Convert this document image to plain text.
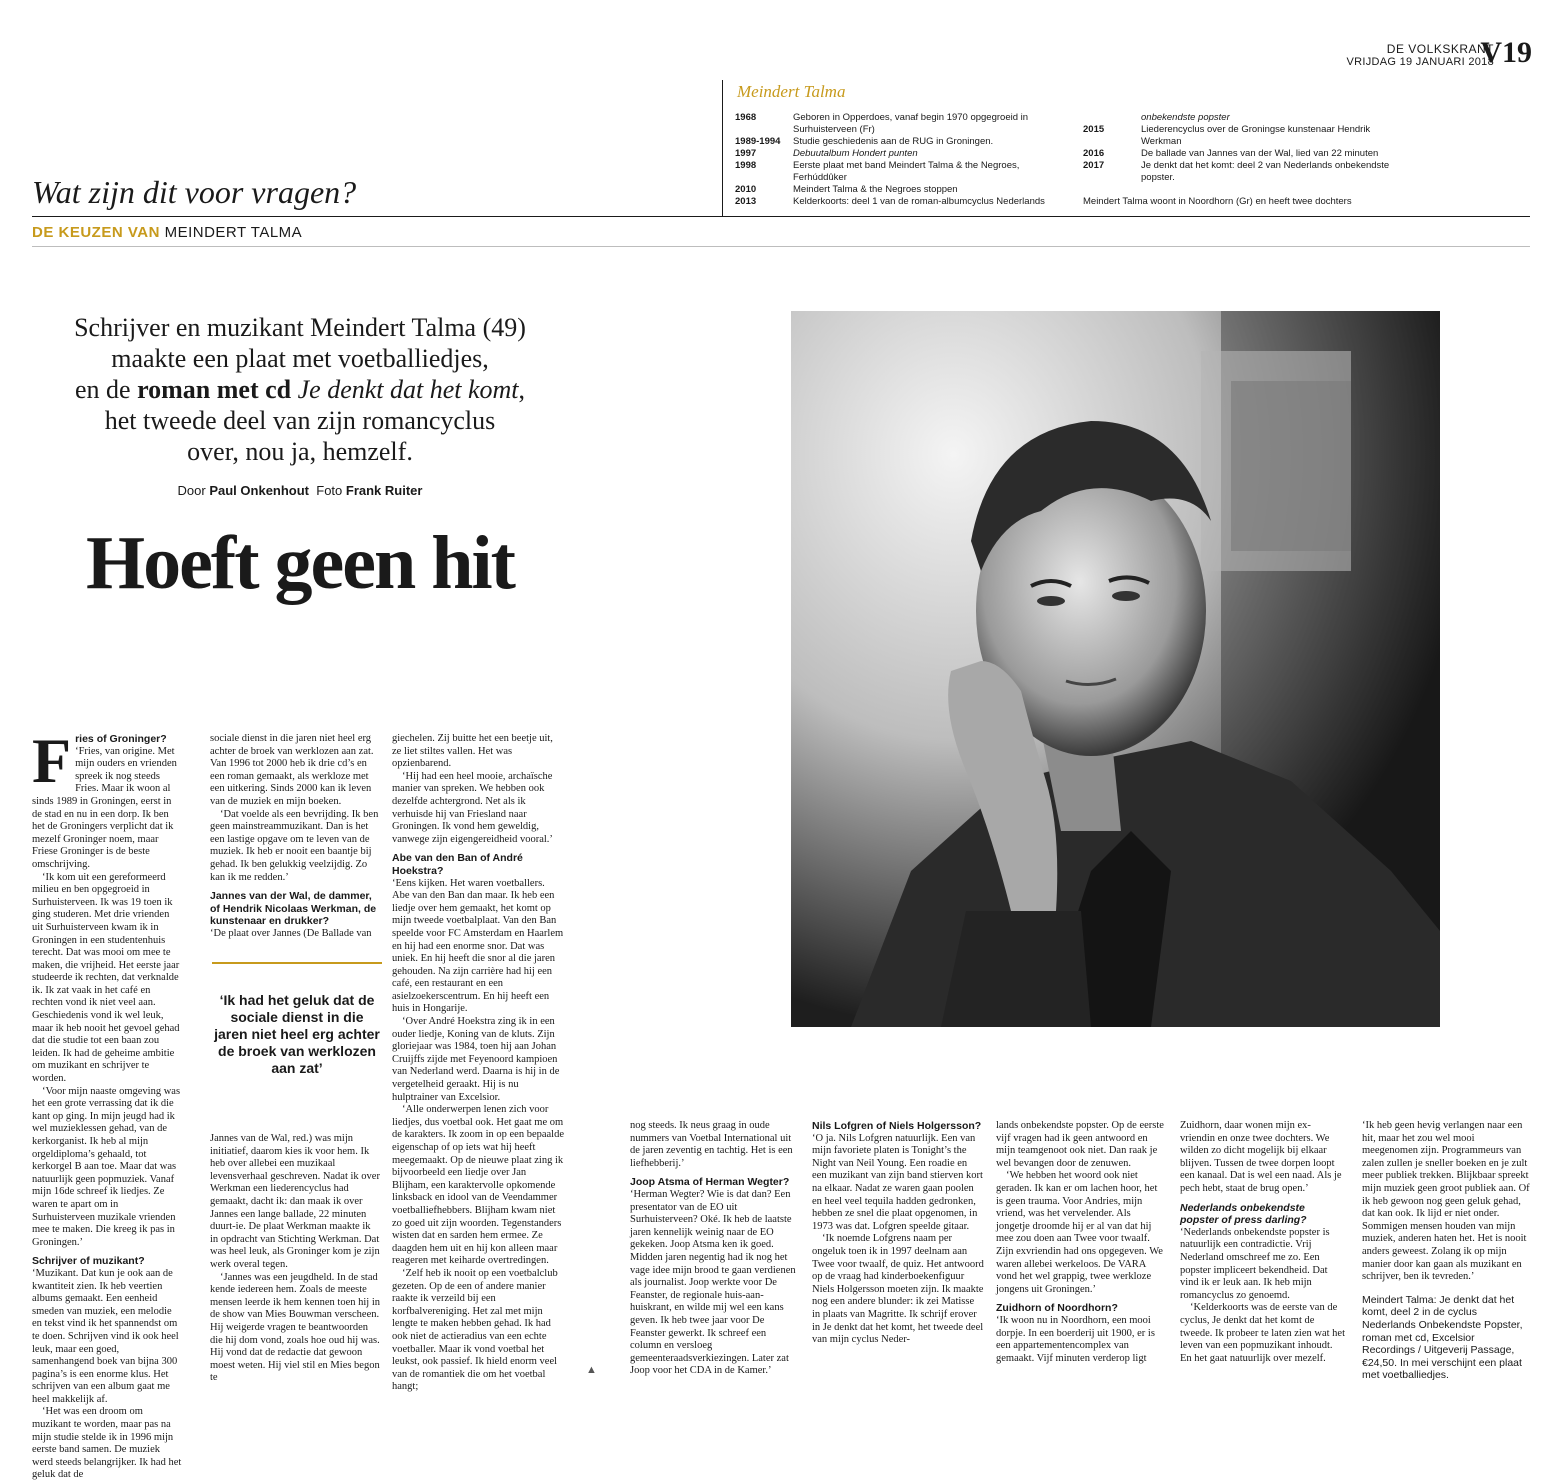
DE VOLKSKRANT
VRIJDAG 19 JANUARI 2018
V19
Meindert Talma
1968	Geboren in Opperdoes, vanaf begin 1970 opgegroeid in Surhuisterveen (Fr)
1989-1994 Studie geschiedenis aan de RUG in Groningen.
1997	Debuutalbum Hondert punten
1998	Eerste plaat met band Meindert Talma & the Negroes, Ferhúddûker
2010	Meindert Talma & the Negroes stoppen
2013	Kelderkoorts: deel 1 van de roman-albumcyclus Nederlands
onbekendste popster
2015	Liederencyclus over de Groningse kunstenaar Hendrik Werkman
2016	De ballade van Jannes van der Wal, lied van 22 minuten
2017	Je denkt dat het komt: deel 2 van Nederlands onbekendste popster.
Meindert Talma woont in Noordhorn (Gr) en heeft twee dochters
Wat zijn dit voor vragen?
DE KEUZEN VAN MEINDERT TALMA
Schrijver en muzikant Meindert Talma (49)
maakte een plaat met voetballiedjes,
en de roman met cd Je denkt dat het komt,
het tweede deel van zijn romancyclus
over, nou ja, hemzelf.
Door Paul Onkenhout Foto Frank Ruiter
Hoeft geen hit
F ries of Groninger?

‘Fries, van origine. Met mijn ouders en vrienden spreek ik nog steeds Fries. Maar ik woon al sinds 1989 in Groningen, eerst in de stad en nu in een dorp. Ik ben het de Groningers verplicht dat ik mezelf Groninger noem, maar Friese Groninger is de beste omschrijving.

‘Ik kom uit een gereformeerd milieu en ben opgegroeid in Surhuisterveen. Ik was 19 toen ik ging studeren. Met drie vrienden uit Surhuisterveen kwam ik in Groningen in een studentenhuis terecht. Dat was mooi om mee te maken, die vrijheid. Het eerste jaar studeerde ik rechten, dat verknalde ik. Ik zat vaak in het café en rechten vond ik niet veel aan. Geschiedenis vond ik wel leuk, maar ik heb nooit het gevoel gehad dat die studie tot een baan zou leiden. Ik had de geheime ambitie om muzikant en schrijver te worden.

‘Voor mijn naaste omgeving was het een grote verrassing dat ik die kant op ging. In mijn jeugd had ik wel muzieklessen gehad, van de kerkorganist. Ik heb al mijn orgeldiploma’s gehaald, tot kerkorgel B aan toe. Maar dat was natuurlijk geen popmuziek. Vanaf mijn 16de schreef ik liedjes. Ze waren te apart om in Surhuisterveen muzikale vrienden mee te maken. Die kreeg ik pas in Groningen.’

Schrijver of muzikant?

‘Muzikant. Dat kun je ook aan de kwantiteit zien. Ik heb veertien albums gemaakt. Een eenheid smeden van muziek, een melodie en tekst vind ik het spannendst om te doen. Schrijven vind ik ook heel leuk, maar een goed, samenhangend boek van bijna 300 pagina’s is een enorme klus. Het schrijven van een album gaat me heel makkelijk af.

‘Het was een droom om muzikant te worden, maar pas na mijn studie stelde ik in 1996 mijn eerste band samen. De muziek werd steeds belangrijker. Ik had het geluk dat de

sociale dienst in die jaren niet heel erg achter de broek van werklozen aan zat. Van 1996 tot 2000 heb ik drie cd’s en een roman gemaakt, als werkloze met een uitkering. Sinds 2000 kan ik leven van de muziek en mijn boeken.

‘Dat voelde als een bevrijding. Ik ben geen mainstreammuzikant. Dan is het een lastige opgave om te leven van de muziek. Ik heb er nooit een baantje bij gehad. Ik ben gelukkig veelzijdig. Zo kan ik me redden.’

Jannes van der Wal, de dammer, of Hendrik Nicolaas Werkman, de kunstenaar en drukker?

‘De plaat over Jannes (De Ballade van

‘Ik had het geluk dat de sociale dienst in die jaren niet heel erg achter de broek van werklozen aan zat’

Jannes van de Wal, red.) was mijn initiatief, daarom kies ik voor hem. Ik heb over allebei een muzikaal levensverhaal geschreven. Nadat ik over Werkman een liederencyclus had gemaakt, dacht ik: dan maak ik over Jannes een lange ballade, 22 minuten duurt-ie. De plaat Werkman maakte ik in opdracht van Stichting Werkman. Dat was heel leuk, als Groninger kom je zijn werk overal tegen.

‘Jannes was een jeugdheld. In de stad kende iedereen hem. Zoals de meeste mensen leerde ik hem kennen toen hij in de show van Mies Bouwman verscheen. Hij weigerde vragen te beantwoorden die hij dom vond, zoals hoe oud hij was. Hij vond dat de redactie dat gewoon moest weten. Hij viel stil en Mies begon te

giechelen. Zij buitte het een beetje uit, ze liet stiltes vallen. Het was opzienbarend.

‘Hij had een heel mooie, archaïsche manier van spreken. We hebben ook dezelfde achtergrond. Net als ik verhuisde hij van Friesland naar Groningen. Ik vond hem geweldig, vanwege zijn eigengereidheid vooral.’

Abe van den Ban of André Hoekstra?

‘Eens kijken. Het waren voetballers. Abe van den Ban dan maar. Ik heb een liedje over hem gemaakt, het komt op mijn tweede voetbalplaat. Van den Ban speelde voor FC Amsterdam en Haarlem en hij had een enorme snor. Dat was uniek. En hij heeft die snor al die jaren gehouden. Na zijn carrière had hij een café, een restaurant en een asielzoekerscentrum. En hij heeft een huis in Hongarije.

‘Over André Hoekstra zing ik in een ouder liedje, Koning van de kluts. Zijn gloriejaar was 1984, toen hij aan Johan Cruijffs zijde met Feyenoord kampioen van Nederland werd. Daarna is hij in de vergetelheid geraakt. Hij is nu hulptrainer van Excelsior.

‘Alle onderwerpen lenen zich voor liedjes, dus voetbal ook. Het gaat me om de karakters. Ik zoom in op een bepaalde eigenschap of op iets wat hij heeft meegemaakt. Op de nieuwe plaat zing ik bijvoorbeeld een liedje over Jan Blijham, een karaktervolle opkomende linksback en idool van de Veendammer voetballiefhebbers. Blijham kwam niet zo goed uit zijn woorden. Tegenstanders wisten dat en sarden hem ermee. Ze daagden hem uit en hij kon alleen maar reageren met keiharde overtredingen.

‘Zelf heb ik nooit op een voetbalclub gezeten. Op de een of andere manier raakte ik verzeild bij een korfbalvereniging. Het zal met mijn lengte te maken hebben gehad. Ik had ook niet de actieradius van een echte voetballer. Maar ik vond voetbal het leukst, ook passief. Ik hield enorm veel van de romantiek die om het voetbal hangt;

nog steeds. Ik neus graag in oude nummers van Voetbal International uit de jaren zeventig en tachtig. Het is een liefhebberij.’

Joop Atsma of Herman Wegter?

‘Herman Wegter? Wie is dat dan? Een presentator van de EO uit Surhuisterveen? Oké. Ik heb de laatste jaren kennelijk weinig naar de EO gekeken. Joop Atsma ken ik goed. Midden jaren negentig had ik nog het vage idee mijn brood te gaan verdienen als journalist. Joop werkte voor De Feanster, de regionale huis-aan-huiskrant, en wilde mij wel een kans geven. Ik heb twee jaar voor De Feanster gewerkt. Ik schreef een column en versloeg gemeenteraadsverkiezingen. Later zat Joop voor het CDA in de Kamer.’

Nils Lofgren of Niels Holgersson?

‘O ja. Nils Lofgren natuurlijk. Een van mijn favoriete platen is Tonight’s the Night van Neil Young. Een roadie en een muzikant van zijn band stierven kort na elkaar. Nadat ze waren gaan poolen en heel veel tequila hadden gedronken, hebben ze snel die plaat opgenomen, in 1973 was dat. Lofgren speelde gitaar.

‘Ik noemde Lofgrens naam per ongeluk toen ik in 1997 deelnam aan Twee voor twaalf, de quiz. Het antwoord op de vraag had kinderboekenfiguur Niels Holgersson moeten zijn. Ik maakte nog een andere blunder: ik zei Matisse in plaats van Magritte. Ik schrijf erover in Je denkt dat het komt, het tweede deel van mijn cyclus Neder-

lands onbekendste popster. Op de eerste vijf vragen had ik geen antwoord en mijn teamgenoot ook niet. Dan raak je wel bevangen door de zenuwen.

‘We hebben het woord ook niet geraden. Ik kan er om lachen hoor, het is geen trauma. Voor Andries, mijn vriend, was het vervelender. Als jongetje droomde hij er al van dat hij mee zou doen aan Twee voor twaalf. Zijn exvriendin had ons opgegeven. We waren allebei werkeloos. De VARA vond het wel grappig, twee werkloze jongens uit Groningen.’

Zuidhorn of Noordhorn?

‘Ik woon nu in Noordhorn, een mooi dorpje. In een boerderij uit 1900, er is een appartementencomplex van gemaakt. Vijf minuten verderop ligt

Zuidhorn, daar wonen mijn ex-vriendin en onze twee dochters. We wilden zo dicht mogelijk bij elkaar blijven. Tussen de twee dorpen loopt een kanaal. Dat is wel een naad. Als je pech hebt, staat de brug open.’

Nederlands onbekendste popster of press darling?

‘Nederlands onbekendste popster is natuurlijk een contradictie. Vrij Nederland omschreef me zo. Een popster impliceert bekendheid. Dat vind ik er leuk aan. Ik heb mijn romancyclus zo genoemd.

‘Kelderkoorts was de eerste van de cyclus, Je denkt dat het komt de tweede. Ik probeer te laten zien wat het leven van een popmuzikant inhoudt. En het gaat natuurlijk over mezelf.

‘Ik heb geen hevig verlangen naar een hit, maar het zou wel mooi meegenomen zijn. Programmeurs van zalen zullen je sneller boeken en je zult meer publiek trekken. Blijkbaar spreekt mijn muziek geen groot publiek aan. Of ik heb gewoon nog geen geluk gehad, dat kan ook. Ik lijd er niet onder. Sommigen mensen houden van mijn muziek, anderen haten het. Het is nooit anders geweest. Zolang ik op mijn manier door kan gaan als muzikant en schrijver, ben ik tevreden.’

Meindert Talma: Je denkt dat het komt, deel 2 in de cyclus Nederlands Onbekendste Popster, roman met cd, Excelsior Recordings / Uitgeverij Passage, €24,50. In mei verschijnt een plaat met voetballiedjes.

▲
